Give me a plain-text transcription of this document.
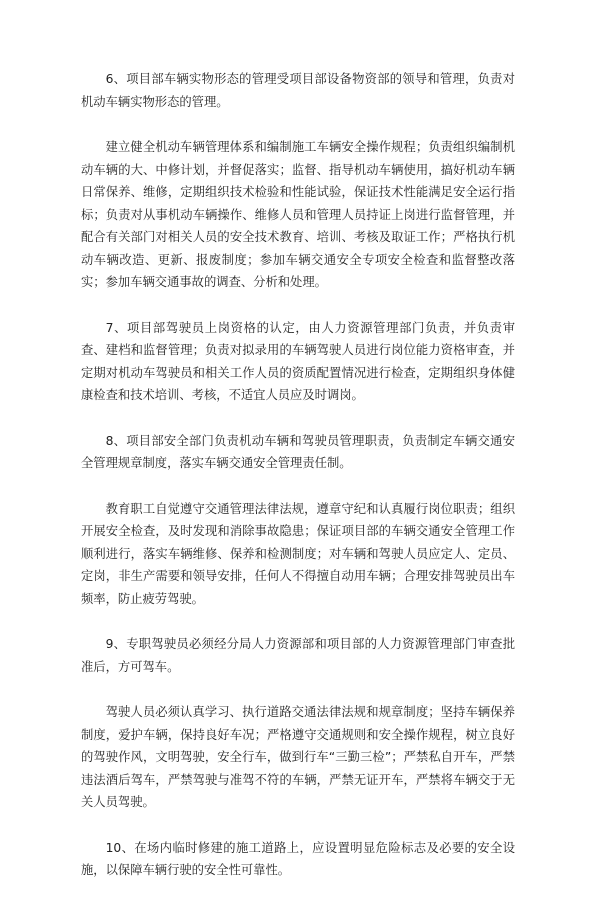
6、项目部车辆实物形态的管理受项目部设备物资部的领导和管理，负责对机动车辆实物形态的管理。

建立健全机动车辆管理体系和编制施工车辆安全操作规程；负责组织编制机动车辆的大、中修计划，并督促落实；监督、指导机动车辆使用，搞好机动车辆日常保养、维修，定期组织技术检验和性能试验，保证技术性能满足安全运行指标；负责对从事机动车辆操作、维修人员和管理人员持证上岗进行监督管理，并配合有关部门对相关人员的安全技术教育、培训、考核及取证工作；严格执行机动车辆改造、更新、报废制度；参加车辆交通安全专项安全检查和监督整改落实；参加车辆交通事故的调查、分析和处理。

7、项目部驾驶员上岗资格的认定，由人力资源管理部门负责，并负责审查、建档和监督管理；负责对拟录用的车辆驾驶人员进行岗位能力资格审查，并定期对机动车驾驶员和相关工作人员的资质配置情况进行检查，定期组织身体健康检查和技术培训、考核，不适宜人员应及时调岗。

8、项目部安全部门负责机动车辆和驾驶员管理职责，负责制定车辆交通安全管理规章制度，落实车辆交通安全管理责任制。

教育职工自觉遵守交通管理法律法规，遵章守纪和认真履行岗位职责；组织开展安全检查，及时发现和消除事故隐患；保证项目部的车辆交通安全管理工作顺利进行，落实车辆维修、保养和检测制度；对车辆和驾驶人员应定人、定员、定岗，非生产需要和领导安排，任何人不得擅自动用车辆；合理安排驾驶员出车频率，防止疲劳驾驶。

9、专职驾驶员必须经分局人力资源部和项目部的人力资源管理部门审查批准后，方可驾车。

驾驶人员必须认真学习、执行道路交通法律法规和规章制度；坚持车辆保养制度，爱护车辆，保持良好车况；严格遵守交通规则和安全操作规程，树立良好的驾驶作风，文明驾驶，安全行车，做到行车“三勤三检”；严禁私自开车，严禁违法酒后驾车，严禁驾驶与准驾不符的车辆，严禁无证开车，严禁将车辆交于无关人员驾驶。

10、在场内临时修建的施工道路上，应设置明显危险标志及必要的安全设施，以保障车辆行驶的安全性可靠性。
